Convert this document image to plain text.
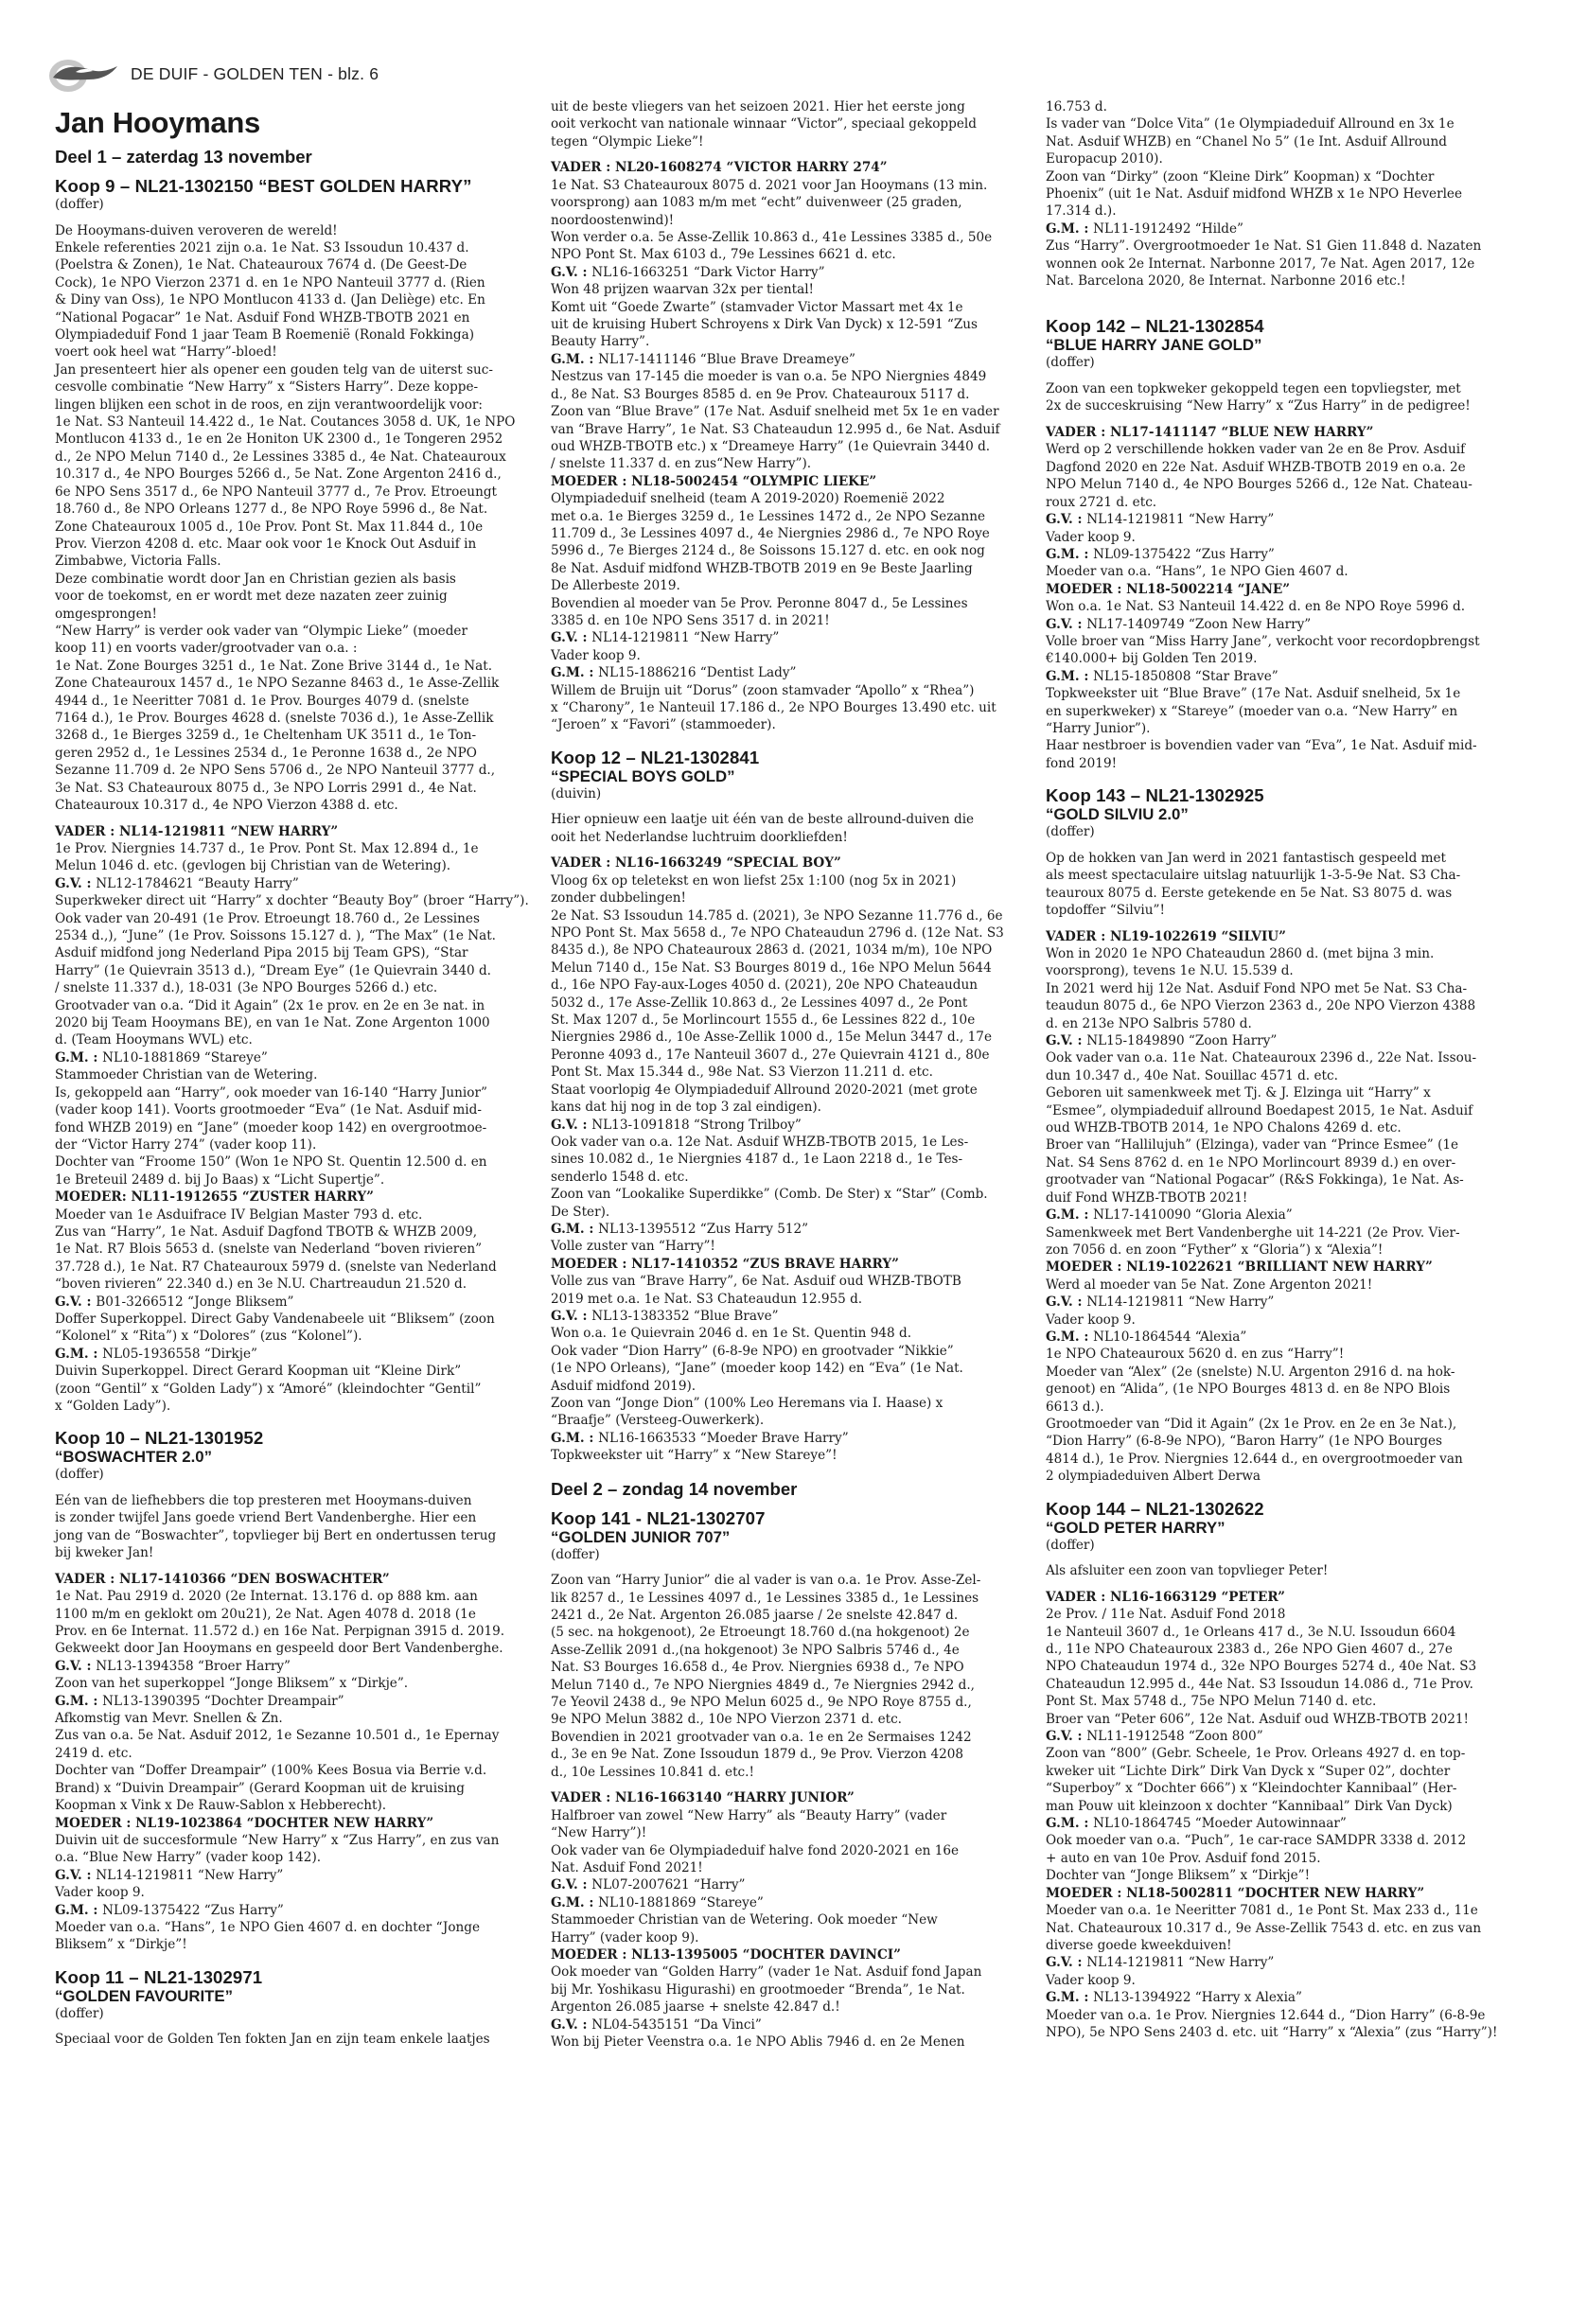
DE DUIF - GOLDEN TEN - blz. 6
Jan Hooymans
Deel 1 – zaterdag 13 november
Koop 9 – NL21-1302150 “BEST GOLDEN HARRY”

(doffer)

De Hooymans-duiven veroveren de wereld!

Enkele referenties 2021 zijn o.a. 1e Nat. S3 Issoudun 10.437 d.

(Poelstra & Zonen), 1e Nat. Chateauroux 7674 d. (De Geest-De

Cock), 1e NPO Vierzon 2371 d. en 1e NPO Nanteuil 3777 d. (Rien

& Diny van Oss), 1e NPO Montlucon 4133 d. (Jan Deliège) etc. En

“National Pogacar” 1e Nat. Asduif Fond WHZB-TBOTB 2021 en

Olympiadeduif Fond 1 jaar Team B Roemenië (Ronald Fokkinga)

voert ook heel wat “Harry”-bloed!

Jan presenteert hier als opener een gouden telg van de uiterst suc-

cesvolle combinatie “New Harry” x “Sisters Harry”. Deze koppe-

lingen blijken een schot in de roos, en zijn verantwoordelijk voor:

1e Nat. S3 Nanteuil 14.422 d., 1e Nat. Coutances 3058 d. UK, 1e NPO

Montlucon 4133 d., 1e en 2e Honiton UK 2300 d., 1e Tongeren 2952

d., 2e NPO Melun 7140 d., 2e Lessines 3385 d., 4e Nat. Chateauroux

10.317 d., 4e NPO Bourges 5266 d., 5e Nat. Zone Argenton 2416 d.,

6e NPO Sens 3517 d., 6e NPO Nanteuil 3777 d., 7e Prov. Etroeungt

18.760 d., 8e NPO Orleans 1277 d., 8e NPO Roye 5996 d., 8e Nat.

Zone Chateauroux 1005 d., 10e Prov. Pont St. Max 11.844 d., 10e

Prov. Vierzon 4208 d. etc. Maar ook voor 1e Knock Out Asduif in

Zimbabwe, Victoria Falls.

Deze combinatie wordt door Jan en Christian gezien als basis

voor de toekomst, en er wordt met deze nazaten zeer zuinig

omgesprongen!

“New Harry” is verder ook vader van “Olympic Lieke” (moeder

koop 11) en voorts vader/grootvader van o.a. :

1e Nat. Zone Bourges 3251 d., 1e Nat. Zone Brive 3144 d., 1e Nat.

Zone Chateauroux 1457 d., 1e NPO Sezanne 8463 d., 1e Asse-Zellik

4944 d., 1e Neeritter 7081 d. 1e Prov. Bourges 4079 d. (snelste

7164 d.), 1e Prov. Bourges 4628 d. (snelste 7036 d.), 1e Asse-Zellik

3268 d., 1e Bierges 3259 d., 1e Cheltenham UK 3511 d., 1e Ton-

geren 2952 d., 1e Lessines 2534 d., 1e Peronne 1638 d., 2e NPO

Sezanne 11.709 d. 2e NPO Sens 5706 d., 2e NPO Nanteuil 3777 d.,

3e Nat. S3 Chateauroux 8075 d., 3e NPO Lorris 2991 d., 4e Nat.

Chateauroux 10.317 d., 4e NPO Vierzon 4388 d. etc.

VADER : NL14-1219811 “NEW HARRY”

1e Prov. Niergnies 14.737 d., 1e Prov. Pont St. Max 12.894 d., 1e

Melun 1046 d. etc. (gevlogen bij Christian van de Wetering).

G.V. : NL12-1784621 “Beauty Harry”

Superkweker direct uit “Harry” x dochter “Beauty Boy” (broer “Harry”).

Ook vader van 20-491 (1e Prov. Etroeungt 18.760 d., 2e Lessines

2534 d.,), “June” (1e Prov. Soissons 15.127 d. ), “The Max” (1e Nat.

Asduif midfond jong Nederland Pipa 2015 bij Team GPS), “Star

Harry” (1e Quievrain 3513 d.), “Dream Eye” (1e Quievrain 3440 d.

/ snelste 11.337 d.), 18-031 (3e NPO Bourges 5266 d.) etc.

Grootvader van o.a. “Did it Again” (2x 1e prov. en 2e en 3e nat. in

2020 bij Team Hooymans BE), en van 1e Nat. Zone Argenton 1000

d. (Team Hooymans WVL) etc.

G.M. : NL10-1881869 “Stareye”

Stammoeder Christian van de Wetering.

Is, gekoppeld aan “Harry”, ook moeder van 16-140 “Harry Junior”

(vader koop 141). Voorts grootmoeder “Eva” (1e Nat. Asduif mid-

fond WHZB 2019) en “Jane” (moeder koop 142) en overgrootmoe-

der “Victor Harry 274” (vader koop 11).

Dochter van “Froome 150” (Won 1e NPO St. Quentin 12.500 d. en

1e Breteuil 2489 d. bij Jo Baas) x “Licht Supertje”.

MOEDER: NL11-1912655 “ZUSTER HARRY”

Moeder van 1e Asduifrace IV Belgian Master 793 d. etc.

Zus van “Harry”, 1e Nat. Asduif Dagfond TBOTB & WHZB 2009,

1e Nat. R7 Blois 5653 d. (snelste van Nederland “boven rivieren”

37.728 d.), 1e Nat. R7 Chateauroux 5979 d. (snelste van Nederland

“boven rivieren” 22.340 d.) en 3e N.U. Chartreaudun 21.520 d.

G.V. : B01-3266512 “Jonge Bliksem”

Doffer Superkoppel. Direct Gaby Vandenabeele uit “Bliksem” (zoon

“Kolonel” x “Rita”) x “Dolores” (zus “Kolonel”).

G.M. : NL05-1936558 “Dirkje”

Duivin Superkoppel. Direct Gerard Koopman uit “Kleine Dirk”

(zoon “Gentil” x “Golden Lady”) x “Amoré” (kleindochter “Gentil”

x “Golden Lady”).

Koop 10 – NL21-1301952
“BOSWACHTER 2.0”

(doffer)

Eén van de liefhebbers die top presteren met Hooymans-duiven

is zonder twijfel Jans goede vriend Bert Vandenberghe. Hier een

jong van de “Boswachter”, topvlieger bij Bert en ondertussen terug

bij kweker Jan!

VADER : NL17-1410366 “DEN BOSWACHTER”

1e Nat. Pau 2919 d. 2020 (2e Internat. 13.176 d. op 888 km. aan

1100 m/m en geklokt om 20u21), 2e Nat. Agen 4078 d. 2018 (1e

Prov. en 6e Internat. 11.572 d.) en 16e Nat. Perpignan 3915 d. 2019.

Gekweekt door Jan Hooymans en gespeeld door Bert Vandenberghe.

G.V. : NL13-1394358 “Broer Harry”

Zoon van het superkoppel “Jonge Bliksem” x “Dirkje”.

G.M. : NL13-1390395 “Dochter Dreampair”

Afkomstig van Mevr. Snellen & Zn.

Zus van o.a. 5e Nat. Asduif 2012, 1e Sezanne 10.501 d., 1e Epernay

2419 d. etc.

Dochter van “Doffer Dreampair” (100% Kees Bosua via Berrie v.d.

Brand) x “Duivin Dreampair” (Gerard Koopman uit de kruising

Koopman x Vink x De Rauw-Sablon x Hebberecht).

MOEDER : NL19-1023864 “DOCHTER NEW HARRY”

Duivin uit de succesformule “New Harry” x “Zus Harry”, en zus van

o.a. “Blue New Harry” (vader koop 142).

G.V. : NL14-1219811 “New Harry”

Vader koop 9.

G.M. : NL09-1375422 “Zus Harry”

Moeder van o.a. “Hans”, 1e NPO Gien 4607 d. en dochter “Jonge

Bliksem” x “Dirkje”!

Koop 11 – NL21-1302971
“GOLDEN FAVOURITE”

(doffer)

Speciaal voor de Golden Ten fokten Jan en zijn team enkele laatjes

uit de beste vliegers van het seizoen 2021. Hier het eerste jong

ooit verkocht van nationale winnaar “Victor”, speciaal gekoppeld

tegen “Olympic Lieke”!

VADER : NL20-1608274 “VICTOR HARRY 274”

1e Nat. S3 Chateauroux 8075 d. 2021 voor Jan Hooymans (13 min.

voorsprong) aan 1083 m/m met “echt” duivenweer (25 graden,

noordoostenwind)!

Won verder o.a. 5e Asse-Zellik 10.863 d., 41e Lessines 3385 d., 50e

NPO Pont St. Max 6103 d., 79e Lessines 6621 d. etc.

G.V. : NL16-1663251 “Dark Victor Harry”

Won 48 prijzen waarvan 32x per tiental!

Komt uit “Goede Zwarte” (stamvader Victor Massart met 4x 1e

uit de kruising Hubert Schroyens x Dirk Van Dyck) x 12-591 “Zus

Beauty Harry”.

G.M. : NL17-1411146 “Blue Brave Dreameye”

Nestzus van 17-145 die moeder is van o.a. 5e NPO Niergnies 4849

d., 8e Nat. S3 Bourges 8585 d. en 9e Prov. Chateauroux 5117 d.

Zoon van “Blue Brave” (17e Nat. Asduif snelheid met 5x 1e en vader

van “Brave Harry”, 1e Nat. S3 Chateaudun 12.995 d., 6e Nat. Asduif

oud WHZB-TBOTB etc.) x “Dreameye Harry” (1e Quievrain 3440 d.

/ snelste 11.337 d. en zus“New Harry”).

MOEDER : NL18-5002454 “OLYMPIC LIEKE”

Olympiadeduif snelheid (team A 2019-2020) Roemenië 2022

met o.a. 1e Bierges 3259 d., 1e Lessines 1472 d., 2e NPO Sezanne

11.709 d., 3e Lessines 4097 d., 4e Niergnies 2986 d., 7e NPO Roye

5996 d., 7e Bierges 2124 d., 8e Soissons 15.127 d. etc. en ook nog

8e Nat. Asduif midfond WHZB-TBOTB 2019 en 9e Beste Jaarling

De Allerbeste 2019.

Bovendien al moeder van 5e Prov. Peronne 8047 d., 5e Lessines

3385 d. en 10e NPO Sens 3517 d. in 2021!

G.V. : NL14-1219811 “New Harry”

Vader koop 9.

G.M. : NL15-1886216 “Dentist Lady”

Willem de Bruijn uit “Dorus” (zoon stamvader “Apollo” x “Rhea”)

x “Charony”, 1e Nanteuil 17.186 d., 2e NPO Bourges 13.490 etc. uit

“Jeroen” x “Favori” (stammoeder).

Koop 12 – NL21-1302841
“SPECIAL BOYS GOLD”

(duivin)

Hier opnieuw een laatje uit één van de beste allround-duiven die

ooit het Nederlandse luchtruim doorkliefden!

VADER : NL16-1663249 “SPECIAL BOY”

Vloog 6x op teletekst en won liefst 25x 1:100 (nog 5x in 2021)

zonder dubbelingen!

2e Nat. S3 Issoudun 14.785 d. (2021), 3e NPO Sezanne 11.776 d., 6e

NPO Pont St. Max 5658 d., 7e NPO Chateaudun 2796 d. (12e Nat. S3

8435 d.), 8e NPO Chateauroux 2863 d. (2021, 1034 m/m), 10e NPO

Melun 7140 d., 15e Nat. S3 Bourges 8019 d., 16e NPO Melun 5644

d., 16e NPO Fay-aux-Loges 4050 d. (2021), 20e NPO Chateaudun

5032 d., 17e Asse-Zellik 10.863 d., 2e Lessines 4097 d., 2e Pont

St. Max 1207 d., 5e Morlincourt 1555 d., 6e Lessines 822 d., 10e

Niergnies 2986 d., 10e Asse-Zellik 1000 d., 15e Melun 3447 d., 17e

Peronne 4093 d., 17e Nanteuil 3607 d., 27e Quievrain 4121 d., 80e

Pont St. Max 15.344 d., 98e Nat. S3 Vierzon 11.211 d. etc.

Staat voorlopig 4e Olympiadeduif Allround 2020-2021 (met grote

kans dat hij nog in de top 3 zal eindigen).

G.V. : NL13-1091818 “Strong Trilboy”

Ook vader van o.a. 12e Nat. Asduif WHZB-TBOTB 2015, 1e Les-

sines 10.082 d., 1e Niergnies 4187 d., 1e Laon 2218 d., 1e Tes-

senderlo 1548 d. etc.

Zoon van “Lookalike Superdikke” (Comb. De Ster) x “Star” (Comb.

De Ster).

G.M. : NL13-1395512 “Zus Harry 512”

Volle zuster van “Harry”!

MOEDER : NL17-1410352 “ZUS BRAVE HARRY”

Volle zus van “Brave Harry”, 6e Nat. Asduif oud WHZB-TBOTB

2019 met o.a. 1e Nat. S3 Chateaudun 12.955 d.

G.V. : NL13-1383352 “Blue Brave”

Won o.a. 1e Quievrain 2046 d. en 1e St. Quentin 948 d.

Ook vader “Dion Harry” (6-8-9e NPO) en grootvader “Nikkie”

(1e NPO Orleans), “Jane” (moeder koop 142) en “Eva” (1e Nat.

Asduif midfond 2019).

Zoon van “Jonge Dion” (100% Leo Heremans via I. Haase) x

“Braafje” (Versteeg-Ouwerkerk).

G.M. : NL16-1663533 “Moeder Brave Harry”

Topkweekster uit “Harry” x “New Stareye”!

Deel 2 – zondag 14 november
Koop 141 - NL21-1302707
“GOLDEN JUNIOR 707”

(doffer)

Zoon van “Harry Junior” die al vader is van o.a. 1e Prov. Asse-Zel-

lik 8257 d., 1e Lessines 4097 d., 1e Lessines 3385 d., 1e Lessines

2421 d., 2e Nat. Argenton 26.085 jaarse / 2e snelste 42.847 d.

(5 sec. na hokgenoot), 2e Etroeungt 18.760 d.(na hokgenoot) 2e

Asse-Zellik 2091 d.,(na hokgenoot) 3e NPO Salbris 5746 d., 4e

Nat. S3 Bourges 16.658 d., 4e Prov. Niergnies 6938 d., 7e NPO

Melun 7140 d., 7e NPO Niergnies 4849 d., 7e Niergnies 2942 d.,

7e Yeovil 2438 d., 9e NPO Melun 6025 d., 9e NPO Roye 8755 d.,

9e NPO Melun 3882 d., 10e NPO Vierzon 2371 d. etc.

Bovendien in 2021 grootvader van o.a. 1e en 2e Sermaises 1242

d., 3e en 9e Nat. Zone Issoudun 1879 d., 9e Prov. Vierzon 4208

d., 10e Lessines 10.841 d. etc.!

VADER : NL16-1663140 “HARRY JUNIOR”

Halfbroer van zowel “New Harry” als “Beauty Harry” (vader

“New Harry”)!

Ook vader van 6e Olympiadeduif halve fond 2020-2021 en 16e

Nat. Asduif Fond 2021!

G.V. : NL07-2007621 “Harry”

G.M. : NL10-1881869 “Stareye”

Stammoeder Christian van de Wetering. Ook moeder “New

Harry” (vader koop 9).

MOEDER : NL13-1395005 “DOCHTER DAVINCI”

Ook moeder van “Golden Harry” (vader 1e Nat. Asduif fond Japan

bij Mr. Yoshikasu Higurashi) en grootmoeder “Brenda”, 1e Nat.

Argenton 26.085 jaarse + snelste 42.847 d.!

G.V. : NL04-5435151 “Da Vinci”

Won bij Pieter Veenstra o.a. 1e NPO Ablis 7946 d. en 2e Menen

16.753 d.

Is vader van “Dolce Vita” (1e Olympiadeduif Allround en 3x 1e

Nat. Asduif WHZB) en “Chanel No 5” (1e Int. Asduif Allround

Europacup 2010).

Zoon van “Dirky” (zoon “Kleine Dirk” Koopman) x “Dochter

Phoenix” (uit 1e Nat. Asduif midfond WHZB x 1e NPO Heverlee

17.314 d.).

G.M. : NL11-1912492 “Hilde”

Zus “Harry”. Overgrootmoeder 1e Nat. S1 Gien 11.848 d. Nazaten

wonnen ook 2e Internat. Narbonne 2017, 7e Nat. Agen 2017, 12e

Nat. Barcelona 2020, 8e Internat. Narbonne 2016 etc.!

Koop 142 – NL21-1302854
“BLUE HARRY JANE GOLD”

(doffer)

Zoon van een topkweker gekoppeld tegen een topvliegster, met

2x de succeskruising “New Harry” x “Zus Harry” in de pedigree!

VADER : NL17-1411147 “BLUE NEW HARRY”

Werd op 2 verschillende hokken vader van 2e en 8e Prov. Asduif

Dagfond 2020 en 22e Nat. Asduif WHZB-TBOTB 2019 en o.a. 2e

NPO Melun 7140 d., 4e NPO Bourges 5266 d., 12e Nat. Chateau-

roux 2721 d. etc.

G.V. : NL14-1219811 “New Harry”

Vader koop 9.

G.M. : NL09-1375422 “Zus Harry”

Moeder van o.a. “Hans”, 1e NPO Gien 4607 d.

MOEDER : NL18-5002214 “JANE”

Won o.a. 1e Nat. S3 Nanteuil 14.422 d. en 8e NPO Roye 5996 d.

G.V. : NL17-1409749 “Zoon New Harry”

Volle broer van “Miss Harry Jane”, verkocht voor recordopbrengst

€140.000+ bij Golden Ten 2019.

G.M. : NL15-1850808 “Star Brave”

Topkweekster uit “Blue Brave” (17e Nat. Asduif snelheid, 5x 1e

en superkweker) x “Stareye” (moeder van o.a. “New Harry” en

“Harry Junior”).

Haar nestbroer is bovendien vader van “Eva”, 1e Nat. Asduif mid-

fond 2019!

Koop 143 – NL21-1302925
“GOLD SILVIU 2.0”

(doffer)

Op de hokken van Jan werd in 2021 fantastisch gespeeld met

als meest spectaculaire uitslag natuurlijk 1-3-5-9e Nat. S3 Cha-

teauroux 8075 d. Eerste getekende en 5e Nat. S3 8075 d. was

topdoffer “Silviu”!

VADER : NL19-1022619 “SILVIU”

Won in 2020 1e NPO Chateaudun 2860 d. (met bijna 3 min.

voorsprong), tevens 1e N.U. 15.539 d.

In 2021 werd hij 12e Nat. Asduif Fond NPO met 5e Nat. S3 Cha-

teaudun 8075 d., 6e NPO Vierzon 2363 d., 20e NPO Vierzon 4388

d. en 213e NPO Salbris 5780 d.

G.V. : NL15-1849890 “Zoon Harry”

Ook vader van o.a. 11e Nat. Chateauroux 2396 d., 22e Nat. Issou-

dun 10.347 d., 40e Nat. Souillac 4571 d. etc.

Geboren uit samenkweek met Tj. & J. Elzinga uit “Harry” x

“Esmee”, olympiadeduif allround Boedapest 2015, 1e Nat. Asduif

oud WHZB-TBOTB 2014, 1e NPO Chalons 4269 d. etc.

Broer van “Hallilujuh” (Elzinga), vader van “Prince Esmee” (1e

Nat. S4 Sens 8762 d. en 1e NPO Morlincourt 8939 d.) en over-

grootvader van “National Pogacar” (R&S Fokkinga), 1e Nat. As-

duif Fond WHZB-TBOTB 2021!

G.M. : NL17-1410090 “Gloria Alexia”

Samenkweek met Bert Vandenberghe uit 14-221 (2e Prov. Vier-

zon 7056 d. en zoon “Fyther” x “Gloria”) x “Alexia”!

MOEDER : NL19-1022621 “BRILLIANT NEW HARRY”

Werd al moeder van 5e Nat. Zone Argenton 2021!

G.V. : NL14-1219811 “New Harry”

Vader koop 9.

G.M. : NL10-1864544 “Alexia”

1e NPO Chateauroux 5620 d. en zus “Harry”!

Moeder van “Alex” (2e (snelste) N.U. Argenton 2916 d. na hok-

genoot) en “Alida”, (1e NPO Bourges 4813 d. en 8e NPO Blois

6613 d.).

Grootmoeder van “Did it Again” (2x 1e Prov. en 2e en 3e Nat.),

“Dion Harry” (6-8-9e NPO), “Baron Harry” (1e NPO Bourges

4814 d.), 1e Prov. Niergnies 12.644 d., en overgrootmoeder van

2 olympiadeduiven Albert Derwa

Koop 144 – NL21-1302622
“GOLD PETER HARRY”

(doffer)

Als afsluiter een zoon van topvlieger Peter!

VADER : NL16-1663129 “PETER”

2e Prov. / 11e Nat. Asduif Fond 2018

1e Nanteuil 3607 d., 1e Orleans 417 d., 3e N.U. Issoudun 6604

d., 11e NPO Chateauroux 2383 d., 26e NPO Gien 4607 d., 27e

NPO Chateaudun 1974 d., 32e NPO Bourges 5274 d., 40e Nat. S3

Chateaudun 12.995 d., 44e Nat. S3 Issoudun 14.086 d., 71e Prov.

Pont St. Max 5748 d., 75e NPO Melun 7140 d. etc.

Broer van “Peter 606”, 12e Nat. Asduif oud WHZB-TBOTB 2021!

G.V. : NL11-1912548 “Zoon 800”

Zoon van “800” (Gebr. Scheele, 1e Prov. Orleans 4927 d. en top-

kweker uit “Lichte Dirk” Dirk Van Dyck x “Super 02”, dochter

“Superboy” x “Dochter 666”) x “Kleindochter Kannibaal” (Her-

man Pouw uit kleinzoon x dochter “Kannibaal” Dirk Van Dyck)

G.M. : NL10-1864745 “Moeder Autowinnaar”

Ook moeder van o.a. “Puch”, 1e car-race SAMDPR 3338 d. 2012

+ auto en van 10e Prov. Asduif fond 2015.

Dochter van “Jonge Bliksem” x “Dirkje”!

MOEDER : NL18-5002811 “DOCHTER NEW HARRY”

Moeder van o.a. 1e Neeritter 7081 d., 1e Pont St. Max 233 d., 11e

Nat. Chateauroux 10.317 d., 9e Asse-Zellik 7543 d. etc. en zus van

diverse goede kweekduiven!

G.V. : NL14-1219811 “New Harry”

Vader koop 9.

G.M. : NL13-1394922 “Harry x Alexia”

Moeder van o.a. 1e Prov. Niergnies 12.644 d., “Dion Harry” (6-8-9e

NPO), 5e NPO Sens 2403 d. etc. uit “Harry” x “Alexia” (zus “Harry”)!
